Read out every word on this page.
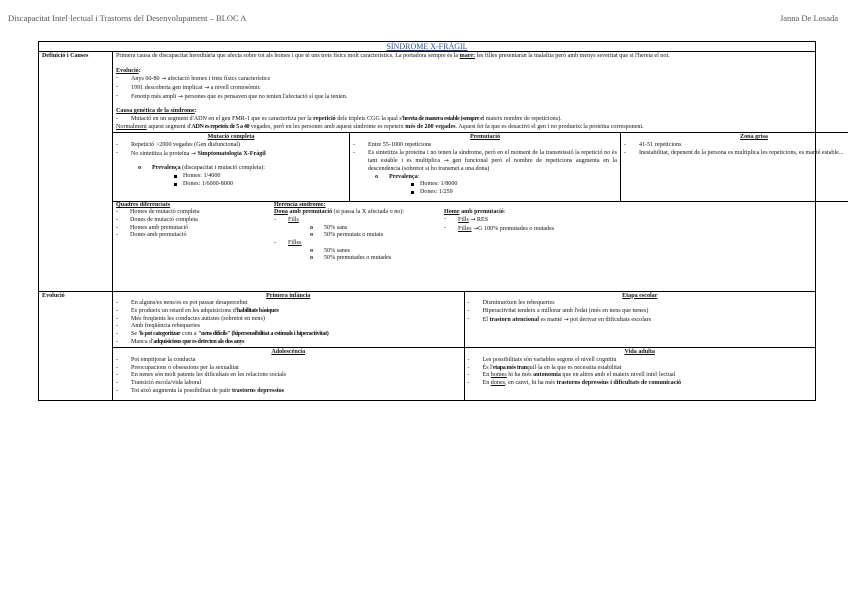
Discapacitat Intel·lectual i Trastorns del Desenvolupament – BLOC A	Janna De Losada
SÍNDROME X-FRÀGIL
Definició i Causes	Primera causa de discapacitat hereditària que afecta sobre tot als homes i que té uns trets físics molt característics. La portadora sempre és la mare: les filles presentaran la malaltia però amb menys severitat que si l'hereta el noi.

Evolució:

- Anys 60-80 → afectació homes i trets físics característics
- 1991 descoberta gen implicat → a nivell cromosòmic
- Fenotip més ampli → persones que es pensaven que no tenien l'afectació sí que la tenien.

Causa genètica de la síndrome:

- Mutació en un segment d'ADN en el gen FMR-1 que es caracteritza per la repetició dels triplets CGG la qual s'hereta de manera estable (sempre el mateix nombre de repeticions).

Normalment aquest segment d'ADN es repeteix de 5 a 40 vegades, però en les persones amb aquest síndrome es repeteix més de 200 vegades. Aquest fet fa que es desactivi el gen i no produeixi la proteïna corresponent.

Mutació completa
- Repetició >2000 vegades (Gen disfuncional)
- No sintetitza la proteïna → Simptomatologia X-Fràgil
o Prevalença (discapacitat i mutació completa):
Homes: 1/4000
Dones: 1/6000-8000
Premutació
- Entre 55-1000 repeticions
- Es sintetitza la proteïna i no tenen la síndrome, però en el moment de la transmissió la repetició no és tant estable i es multiplica → gen funcional però el nombre de repeticions augmenta en la descendència (sobretot si ho transmet a una dona)
o Prevalença:
Homes: 1/8000
Dones: 1/259
Zona grisa
- 41-51 repeticions
- Inestabilitat, depenent de la persona es multiplica les repeticions, es manté estable...
Quadres diferenciats
- Homes de mutació completa
- Dones de mutació completa
- Homes amb premutació
- Dones amb premutació
Herència síndrome:

Dona amb premutació (si passa la X afectada o no):

- Fills
o 50% sans
o 50% permutats o mutats
- Filles
o 50% sanes
o 50% premutades o mutades
Home amb premutació:
- Fills → RES
- Filles →G 100% premutades o mutades
Evolució	Primera infància
- En alguns/es nens/es es pot passar desapercebut
- Es produeix un retard en les adquisicions d'habilitats bàsiques
- Més freqüents les conductes autistes (sobretot en nens)
- Amb freqüència rebequeries
- Se 'ls pot categoritzar com a "nens difícils" (hipersensibilitat a estímuls i hiperactivitat)
- Manca d'adquisicions que es detecten als dos anys
Etapa escolar
- Disminueixen les rebequeries
- Hiperactivitat tendeix a millorar amb l'edat (més en nens que nenes)
- El trastorn atencional es manté → pot derivar en dificultats escolars
Adolescència
- Pot empitjorar la conducta
- Preocupacions o obsessions per la sexualitat
- En nenes són molt patents les dificultats en les relacions socials
- Transició escola/vida laboral
- Tot això augmenta la possibilitat de patir trastorns depressius
Vida adulta
- Les possibilitats són variables segons el nivell cognitiu
- És l'etapa més tranquil·la en la que es necessita estabilitat
- En homes hi ha més autonomia que en altres amb el mateix nivell intel·lectual
- En dones, en canvi, hi ha més trastorns depressius i dificultats de comunicació
